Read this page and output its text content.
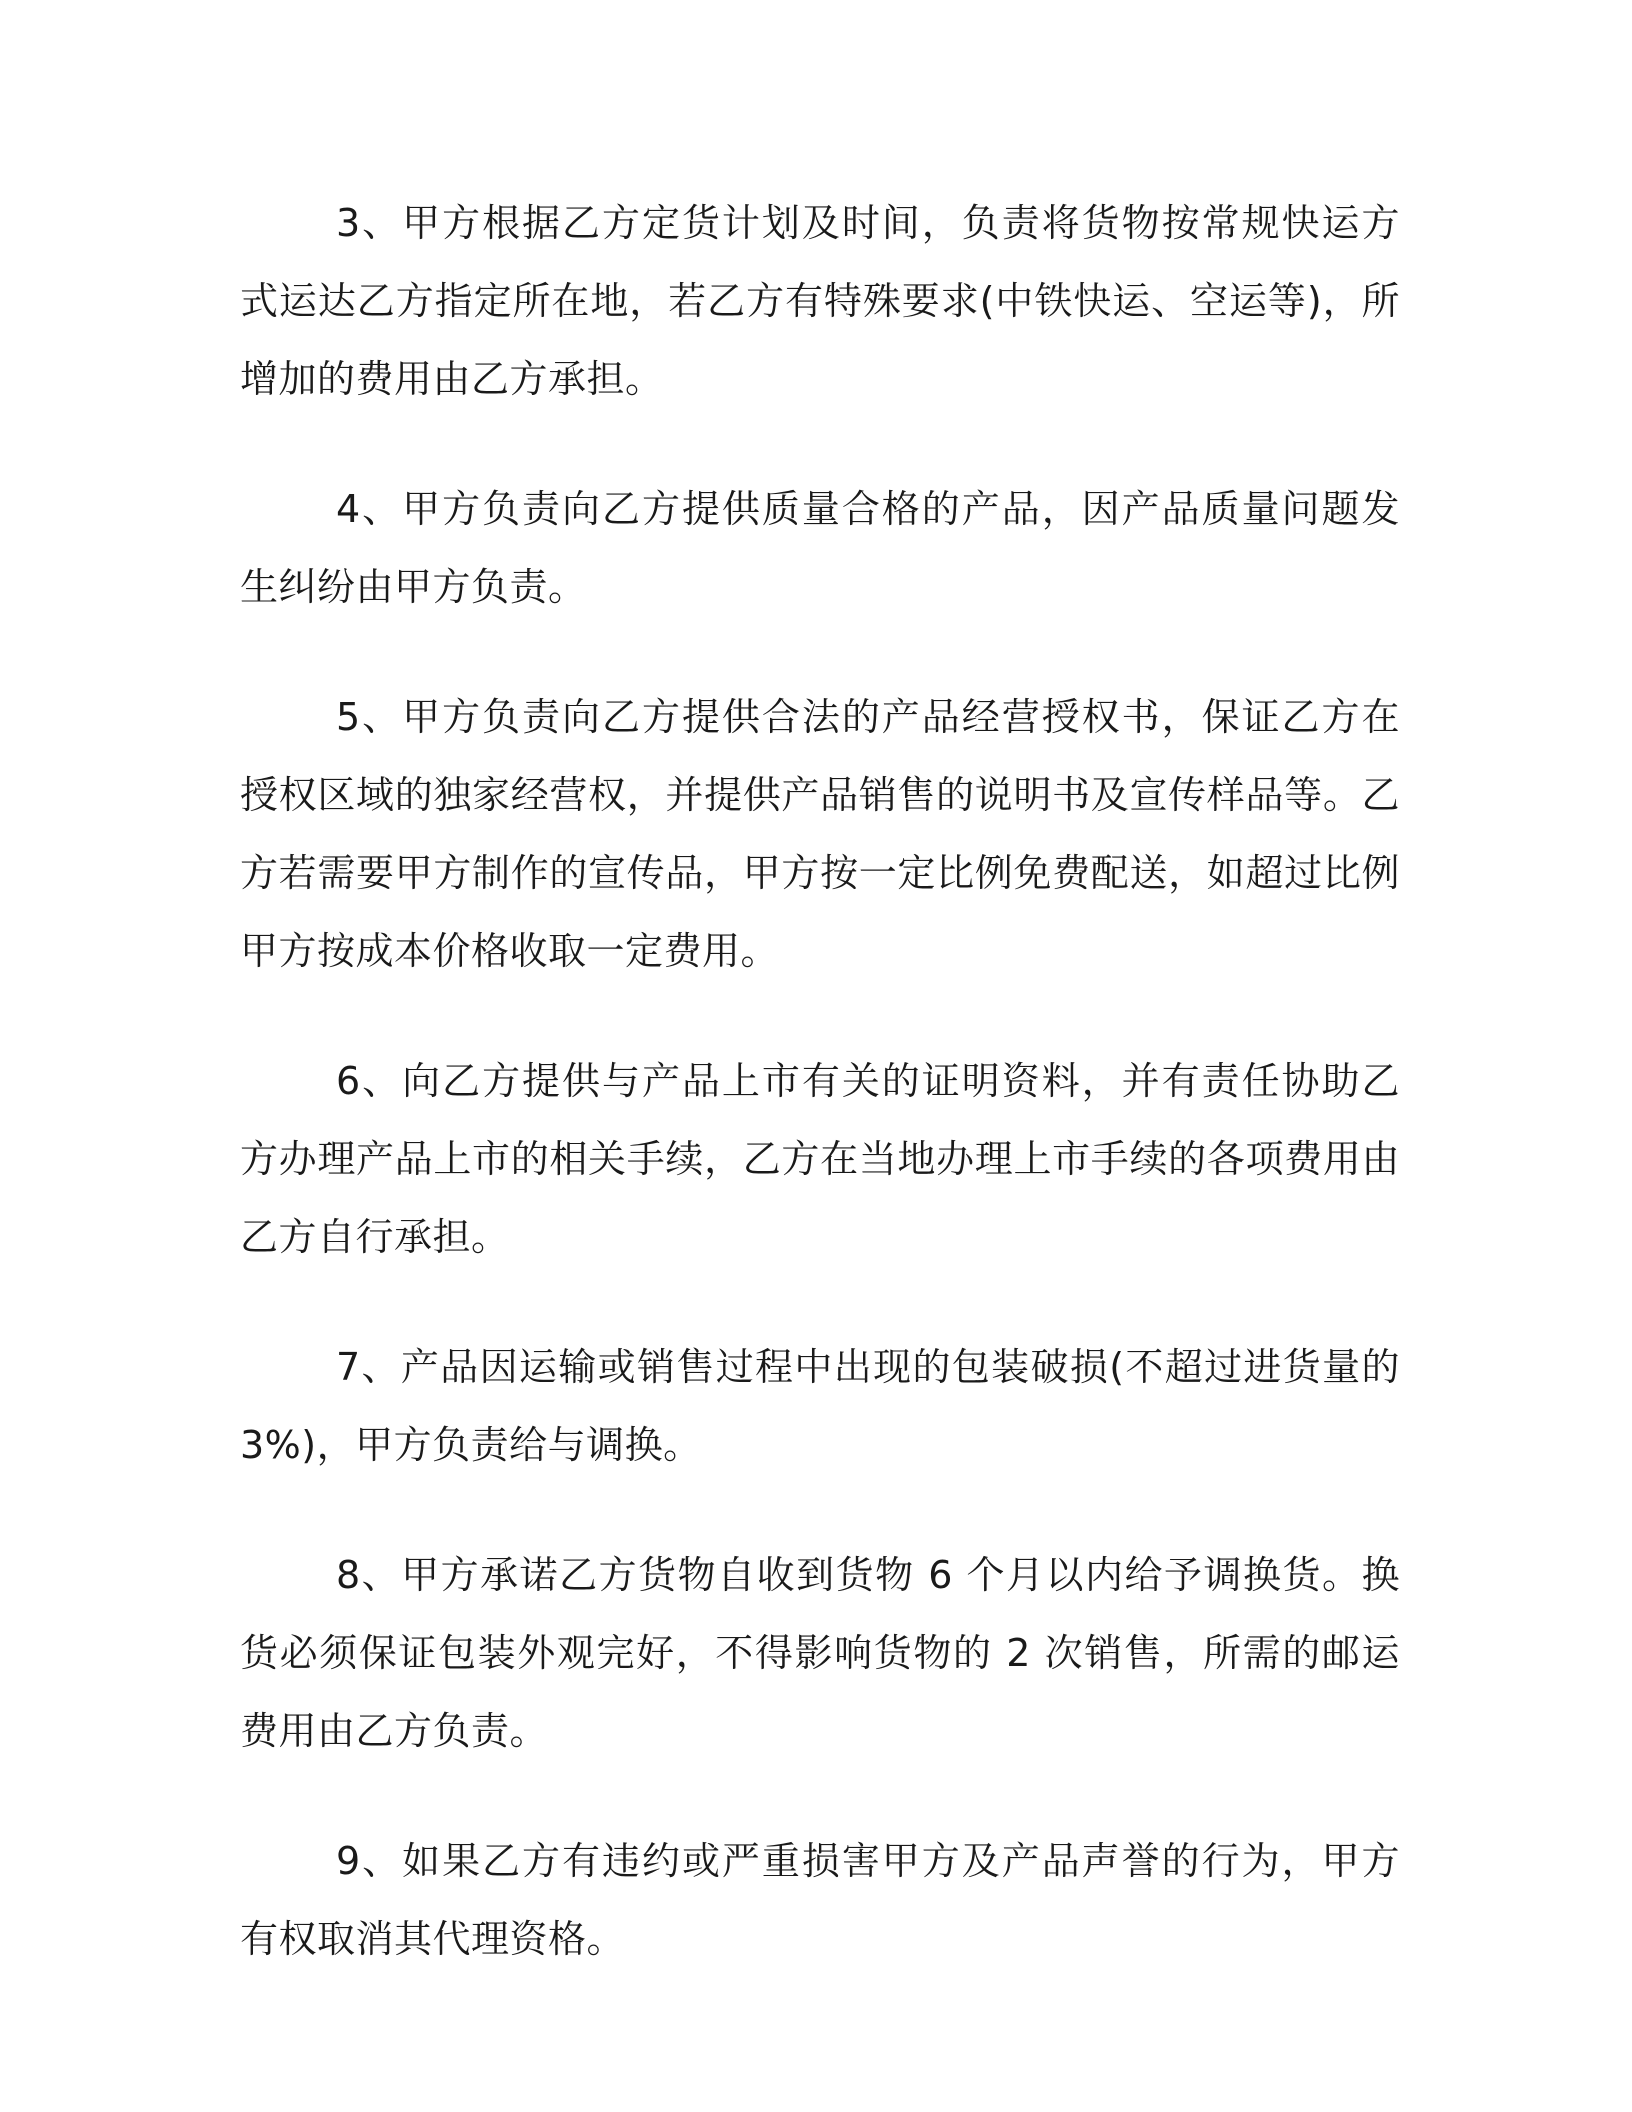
3、甲方根据乙方定货计划及时间，负责将货物按常规快运方式运达乙方指定所在地，若乙方有特殊要求(中铁快运、空运等)，所增加的费用由乙方承担。

4、甲方负责向乙方提供质量合格的产品，因产品质量问题发生纠纷由甲方负责。

5、甲方负责向乙方提供合法的产品经营授权书，保证乙方在授权区域的独家经营权，并提供产品销售的说明书及宣传样品等。乙方若需要甲方制作的宣传品，甲方按一定比例免费配送，如超过比例甲方按成本价格收取一定费用。

6、向乙方提供与产品上市有关的证明资料，并有责任协助乙方办理产品上市的相关手续，乙方在当地办理上市手续的各项费用由乙方自行承担。

7、产品因运输或销售过程中出现的包装破损(不超过进货量的3%)，甲方负责给与调换。

8、甲方承诺乙方货物自收到货物 6 个月以内给予调换货。换货必须保证包装外观完好，不得影响货物的 2 次销售，所需的邮运费用由乙方负责。

9、如果乙方有违约或严重损害甲方及产品声誉的行为，甲方有权取消其代理资格。
